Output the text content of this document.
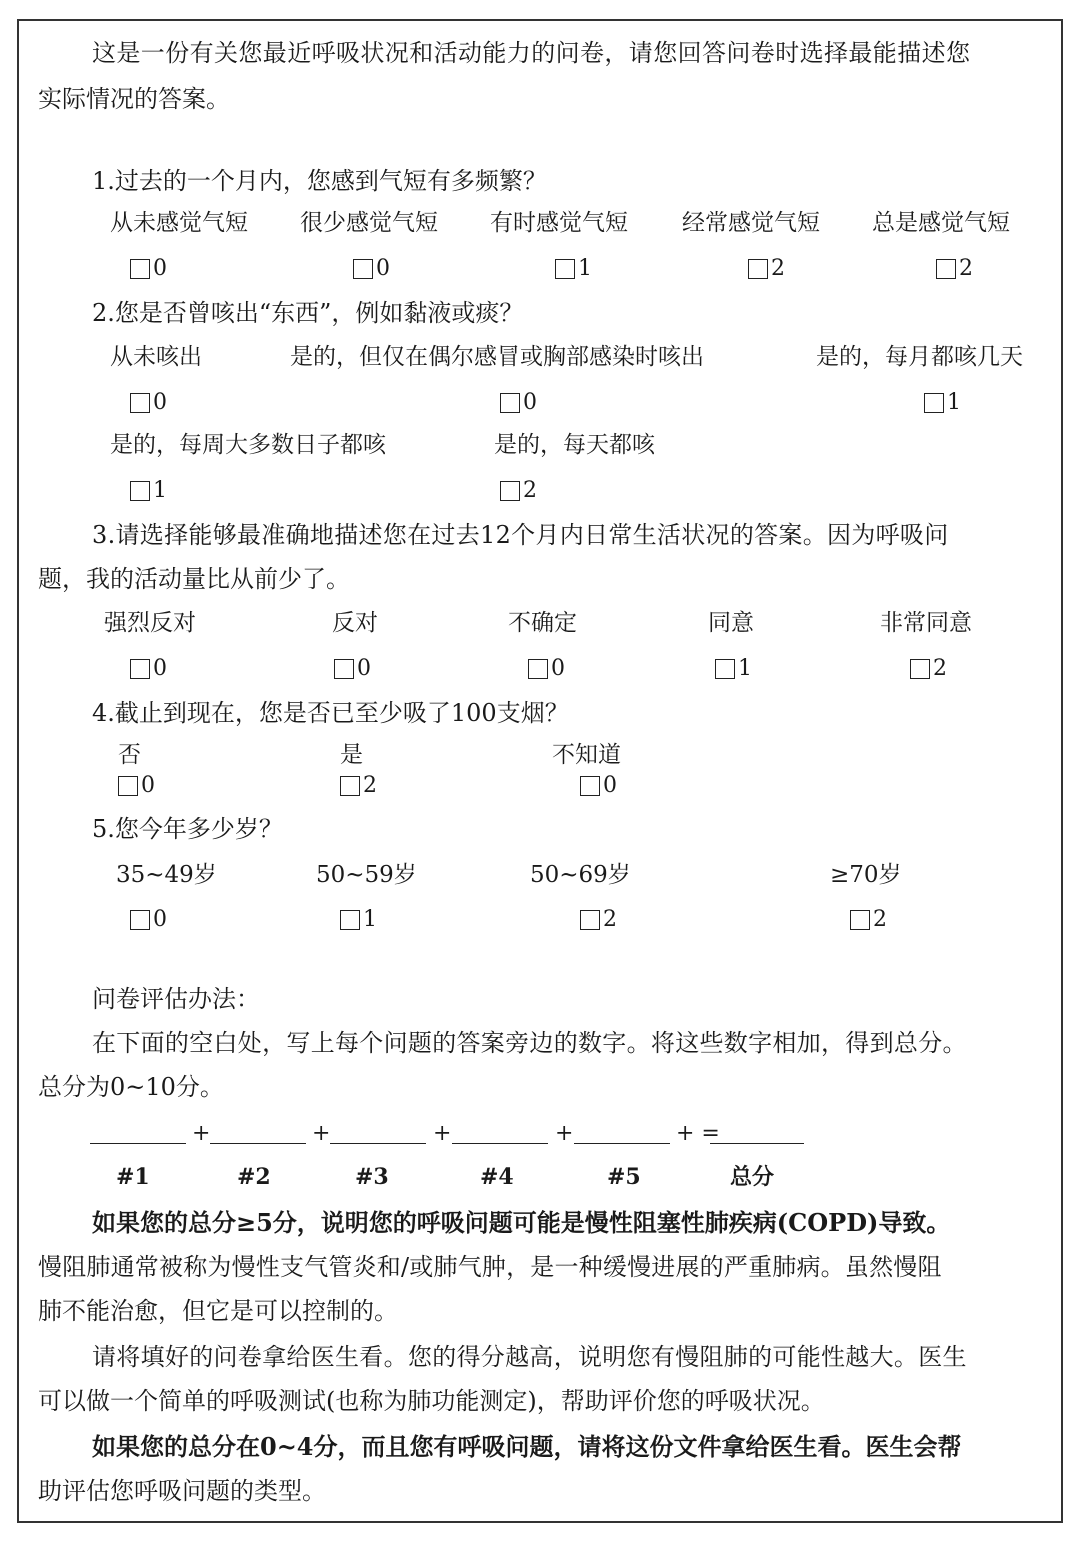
这是一份有关您最近呼吸状况和活动能力的问卷，请您回答问卷时选择最能描述您
实际情况的答案。
1.过去的一个月内，您感到气短有多频繁？
从未感觉气短 很少感觉气短 有时感觉气短 经常感觉气短 总是感觉气短
0	0	1	2	2
2.您是否曾咳出“东西”，例如黏液或痰？
从未咳出	是的，但仅在偶尔感冒或胸部感染时咳出	是的，每月都咳几天
0	0	1
是的，每周大多数日子都咳	是的，每天都咳
1	2
3.请选择能够最准确地描述您在过去12个月内日常生活状况的答案。因为呼吸问
题，我的活动量比从前少了。
强烈反对	反对	不确定	同意	非常同意
0	0	0	1	2
4.截止到现在，您是否已至少吸了100支烟？
否	是	不知道
0	2	0
5.您今年多少岁？
35~49岁	50~59岁	50~69岁	≥70岁
0	1	2	2
问卷评估办法：
在下面的空白处，写上每个问题的答案旁边的数字。将这些数字相加，得到总分。
总分为0~10分。
+	+	+	+	+ =
#1	#2	#3	#4	#5	总分
如果您的总分≥5分，说明您的呼吸问题可能是慢性阻塞性肺疾病(COPD)导致。
慢阻肺通常被称为慢性支气管炎和/或肺气肿，是一种缓慢进展的严重肺病。虽然慢阻
肺不能治愈，但它是可以控制的。
请将填好的问卷拿给医生看。您的得分越高，说明您有慢阻肺的可能性越大。医生
可以做一个简单的呼吸测试(也称为肺功能测定)，帮助评价您的呼吸状况。
如果您的总分在0~4分，而且您有呼吸问题，请将这份文件拿给医生看。医生会帮
助评估您呼吸问题的类型。
